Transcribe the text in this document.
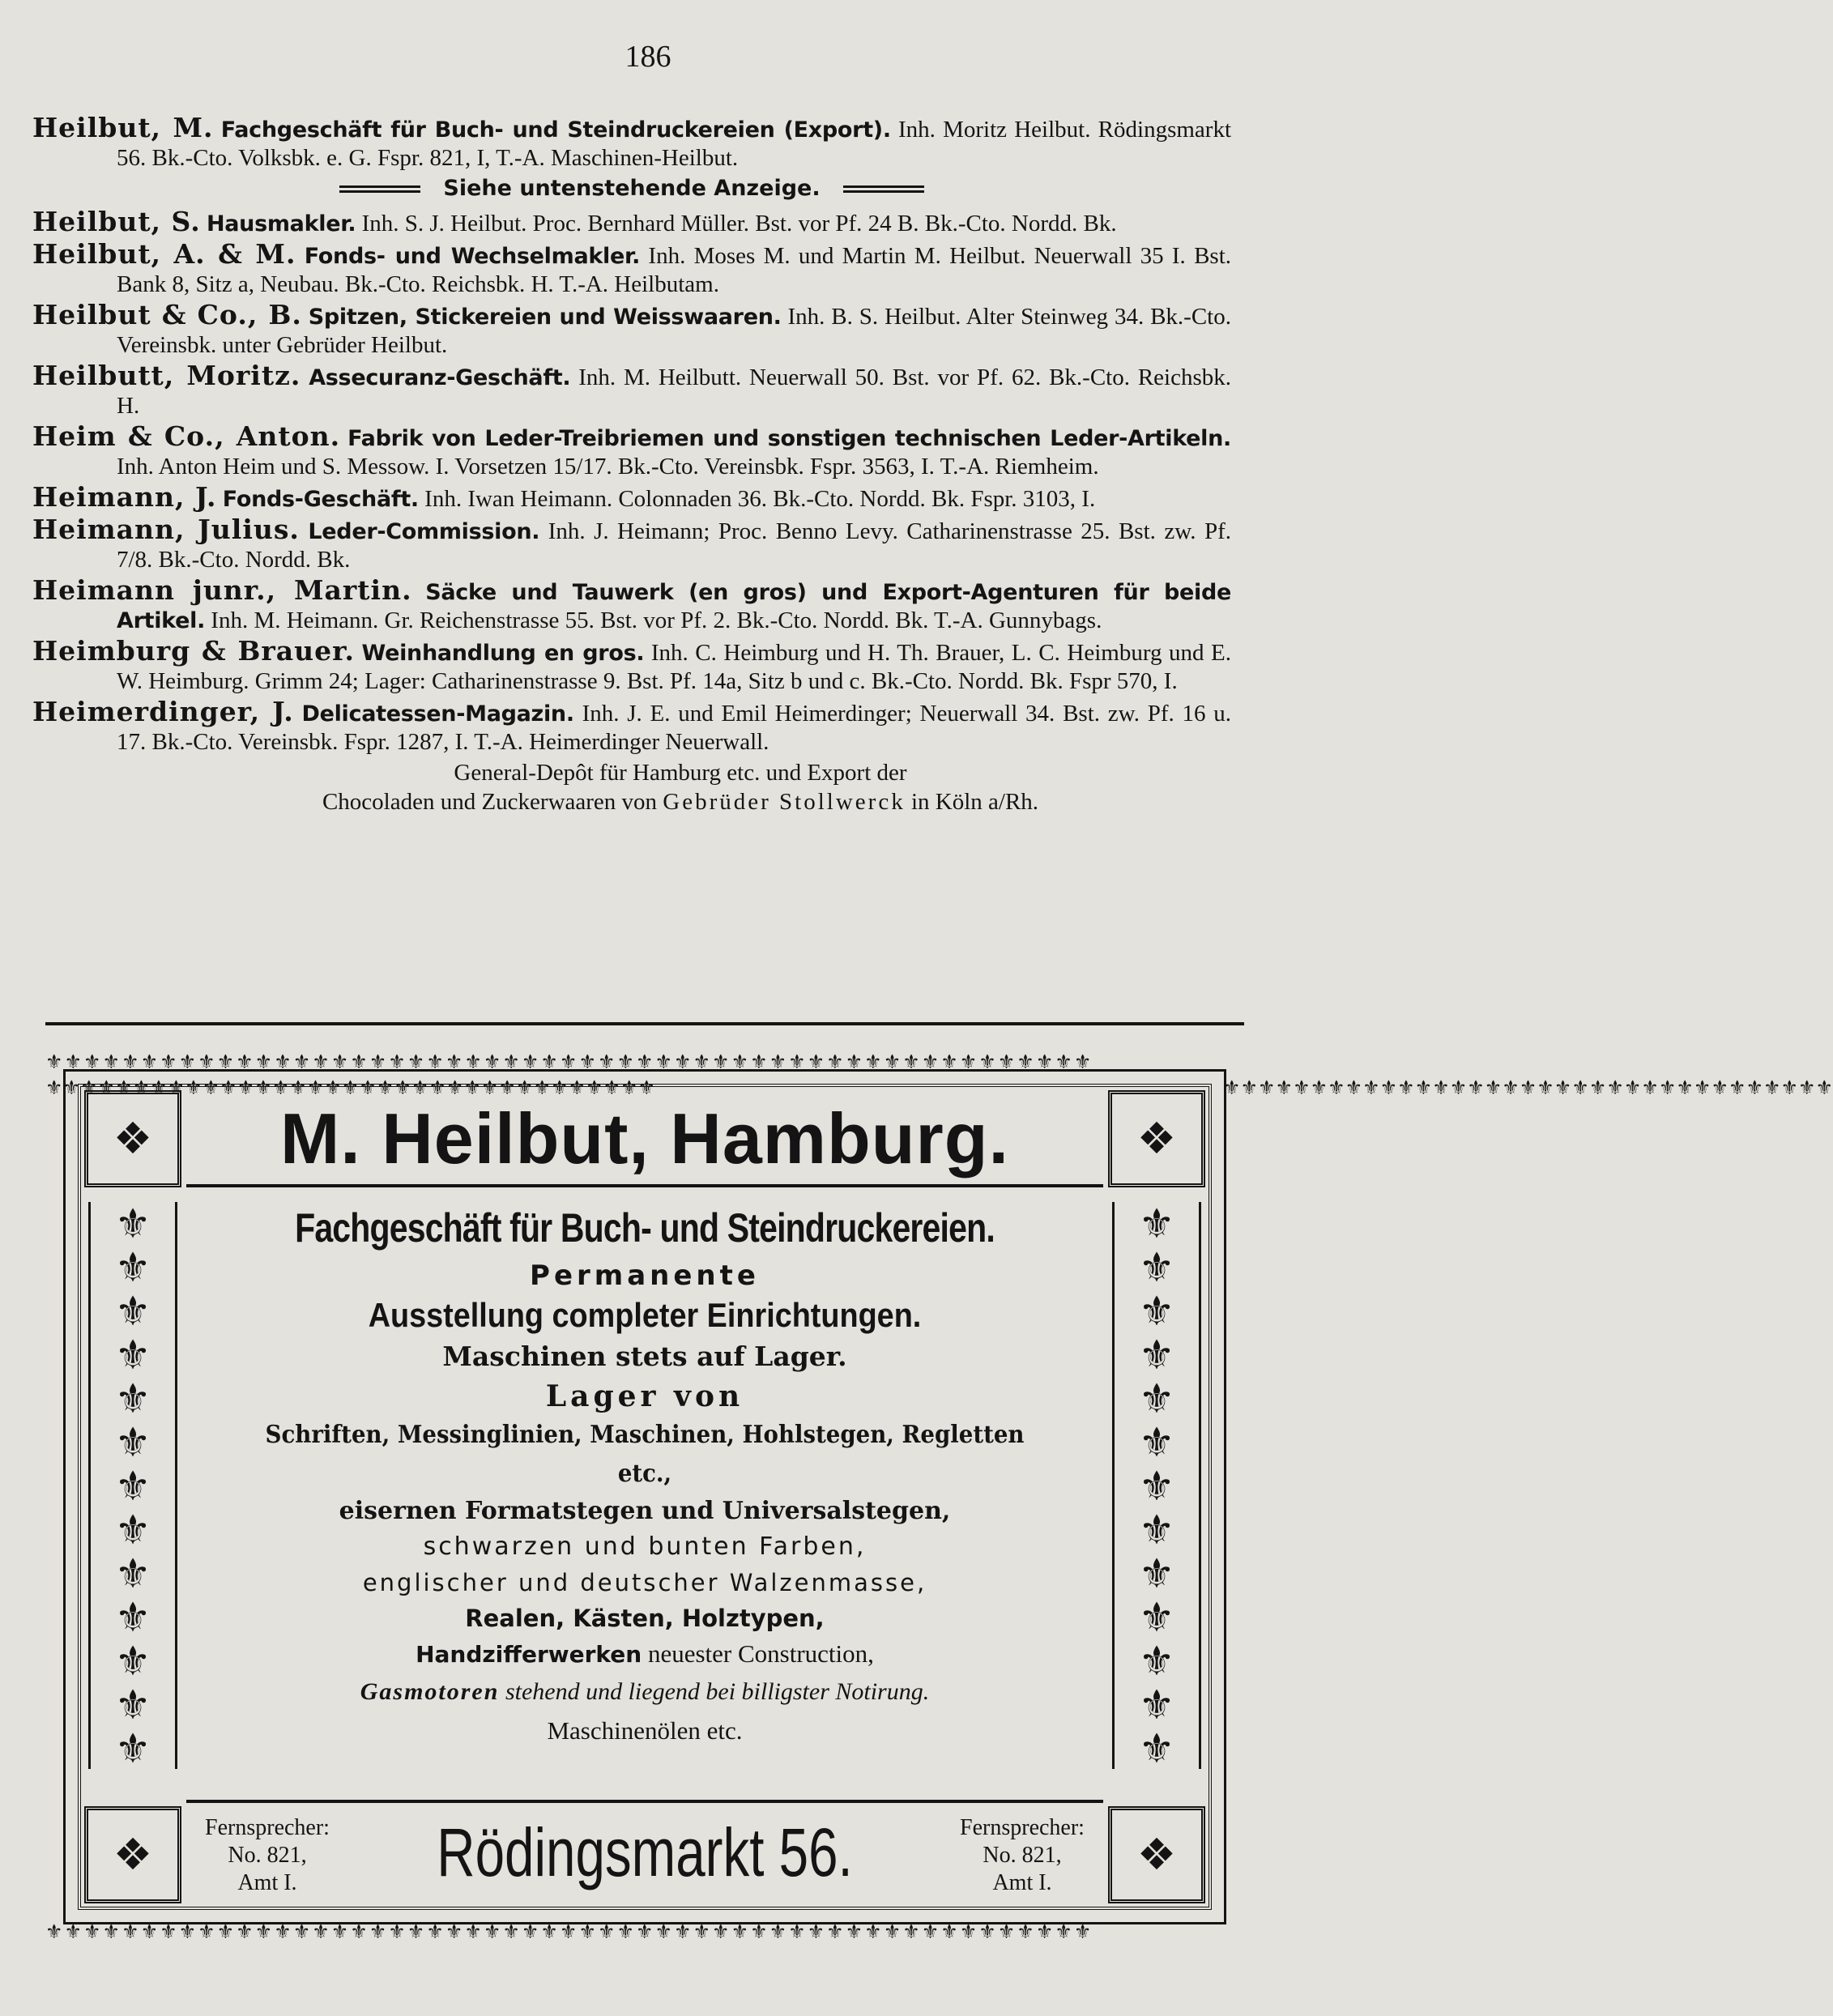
186

Heilbut, M. Fachgeschäft für Buch- und Steindruckereien (Export). Inh. Moritz Heilbut. Rödingsmarkt 56. Bk.-Cto. Volksbk. e. G. Fspr. 821, I, T.-A. Maschinen-Heilbut.

Siehe untenstehende Anzeige.

Heilbut, S. Hausmakler. Inh. S. J. Heilbut. Proc. Bernhard Müller. Bst. vor Pf. 24 B. Bk.-Cto. Nordd. Bk.

Heilbut, A. & M. Fonds- und Wechselmakler. Inh. Moses M. und Martin M. Heilbut. Neuerwall 35 I. Bst. Bank 8, Sitz a, Neubau. Bk.-Cto. Reichsbk. H. T.-A. Heilbutam.

Heilbut & Co., B. Spitzen, Stickereien und Weisswaaren. Inh. B. S. Heilbut. Alter Steinweg 34. Bk.-Cto. Vereinsbk. unter Gebrüder Heilbut.

Heilbutt, Moritz. Assecuranz-Geschäft. Inh. M. Heilbutt. Neuerwall 50. Bst. vor Pf. 62. Bk.-Cto. Reichsbk. H.

Heim & Co., Anton. Fabrik von Leder-Treibriemen und sonstigen technischen Leder-Artikeln. Inh. Anton Heim und S. Messow. I. Vorsetzen 15/17. Bk.-Cto. Vereinsbk. Fspr. 3563, I. T.-A. Riemheim.

Heimann, J. Fonds-Geschäft. Inh. Iwan Heimann. Colonnaden 36. Bk.-Cto. Nordd. Bk. Fspr. 3103, I.

Heimann, Julius. Leder-Commission. Inh. J. Heimann; Proc. Benno Levy. Catharinenstrasse 25. Bst. zw. Pf. 7/8. Bk.-Cto. Nordd. Bk.

Heimann junr., Martin. Säcke und Tauwerk (en gros) und Export-Agenturen für beide Artikel. Inh. M. Heimann. Gr. Reichenstrasse 55. Bst. vor Pf. 2. Bk.-Cto. Nordd. Bk. T.-A. Gunnybags.

Heimburg & Brauer. Weinhandlung en gros. Inh. C. Heimburg und H. Th. Brauer, L. C. Heimburg und E. W. Heimburg. Grimm 24; Lager: Catharinenstrasse 9. Bst. Pf. 14a, Sitz b und c. Bk.-Cto. Nordd. Bk. Fspr 570, I.

Heimerdinger, J. Delicatessen-Magazin. Inh. J. E. und Emil Heimerdinger; Neuerwall 34. Bst. zw. Pf. 16 u. 17. Bk.-Cto. Vereinsbk. Fspr. 1287, I. T.-A. Heimerdinger Neuerwall.

General-Depôt für Hamburg etc. und Export der
Chocoladen und Zuckerwaaren von Gebrüder Stollwerck in Köln a/Rh.
⚜⚜⚜⚜⚜⚜⚜⚜⚜⚜⚜⚜⚜⚜⚜⚜⚜⚜⚜⚜⚜⚜⚜⚜⚜⚜⚜⚜⚜⚜⚜⚜⚜⚜⚜⚜⚜⚜⚜⚜⚜⚜⚜⚜⚜⚜⚜⚜⚜⚜⚜⚜⚜⚜⚜
⚜⚜⚜⚜⚜⚜⚜⚜⚜⚜⚜⚜⚜⚜⚜⚜⚜⚜⚜⚜⚜⚜⚜⚜⚜⚜⚜⚜⚜⚜⚜⚜⚜⚜⚜⚜⚜⚜⚜⚜⚜⚜⚜⚜⚜⚜⚜⚜⚜⚜⚜⚜⚜⚜⚜
⚜⚜⚜⚜⚜⚜⚜⚜⚜⚜⚜⚜⚜⚜⚜⚜⚜⚜⚜⚜⚜⚜⚜⚜⚜⚜⚜⚜⚜⚜⚜⚜⚜⚜⚜	⚜⚜⚜⚜⚜⚜⚜⚜⚜⚜⚜⚜⚜⚜⚜⚜⚜⚜⚜⚜⚜⚜⚜⚜⚜⚜⚜⚜⚜⚜⚜⚜⚜⚜⚜
❖	❖
❖	❖
⚜
⚜
⚜
⚜
⚜
⚜
⚜
⚜
⚜
⚜
⚜
⚜
⚜
⚜
⚜
⚜
⚜
⚜
⚜
⚜
⚜
⚜
⚜
⚜
⚜
⚜
M. Heilbut, Hamburg.
Fachgeschäft für Buch- und Steindruckereien.
Permanente
Ausstellung completer Einrichtungen.
Maschinen stets auf Lager.
Lager von
Schriften, Messinglinien, Maschinen, Hohlstegen, Regletten etc.,
eisernen Formatstegen und Universalstegen,
schwarzen und bunten Farben,
englischer und deutscher Walzenmasse,
Realen, Kästen, Holztypen,
Handzifferwerken neuester Construction,
Gasmotoren stehend und liegend bei billigster Notirung.
Maschinenölen etc.
Fernsprecher:
No. 821,
Amt I.	Rödingsmarkt 56.	Fernsprecher:
No. 821,
Amt I.
